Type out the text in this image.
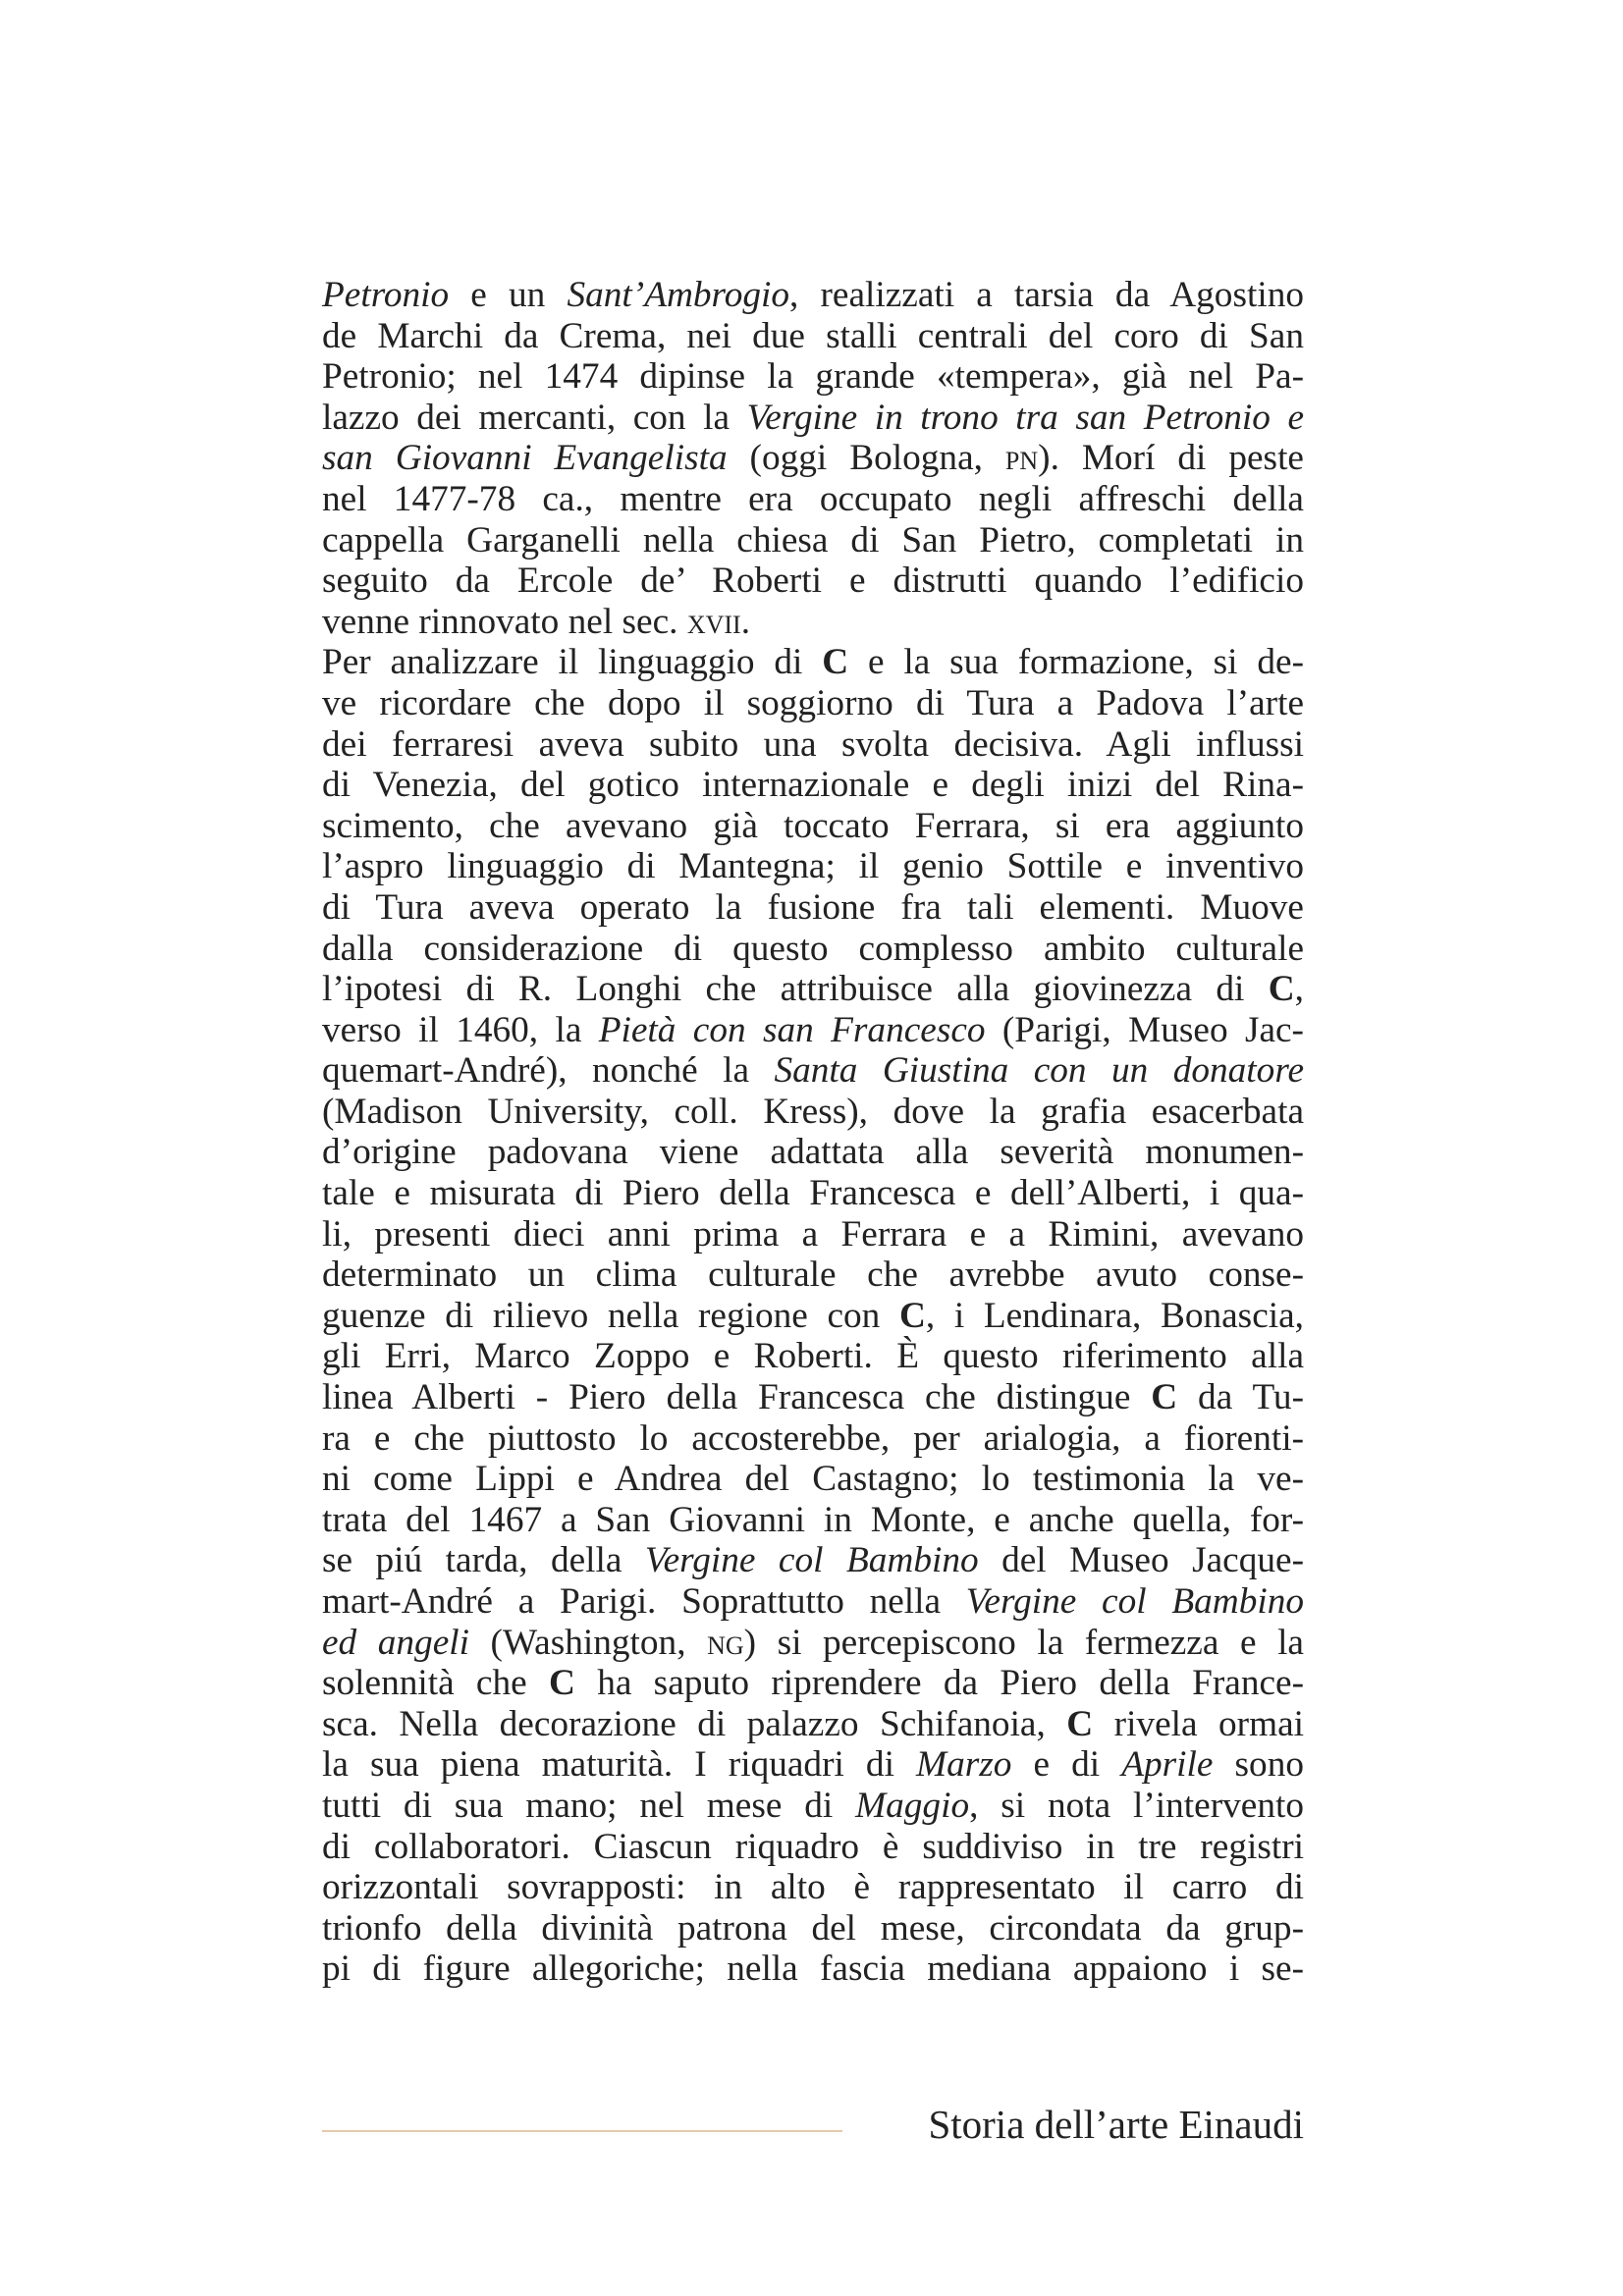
Petronio e un Sant’Ambrogio, realizzati a tarsia da Agostino
de Marchi da Crema, nei due stalli centrali del coro di San
Petronio; nel 1474 dipinse la grande «tempera», già nel Pa-
lazzo dei mercanti, con la Vergine in trono tra san Petronio e
san Giovanni Evangelista (oggi Bologna, pn). Morí di peste
nel 1477-78 ca., mentre era occupato negli affreschi della
cappella Garganelli nella chiesa di San Pietro, completati in
seguito da Ercole de’ Roberti e distrutti quando l’edificio
venne rinnovato nel sec. xvii.
Per analizzare il linguaggio di C e la sua formazione, si de-
ve ricordare che dopo il soggiorno di Tura a Padova l’arte
dei ferraresi aveva subito una svolta decisiva. Agli influssi
di Venezia, del gotico internazionale e degli inizi del Rina-
scimento, che avevano già toccato Ferrara, si era aggiunto
l’aspro linguaggio di Mantegna; il genio Sottile e inventivo
di Tura aveva operato la fusione fra tali elementi. Muove
dalla considerazione di questo complesso ambito culturale
l’ipotesi di R. Longhi che attribuisce alla giovinezza di C,
verso il 1460, la Pietà con san Francesco (Parigi, Museo Jac-
quemart-André), nonché la Santa Giustina con un donatore
(Madison University, coll. Kress), dove la grafia esacerbata
d’origine padovana viene adattata alla severità monumen-
tale e misurata di Piero della Francesca e dell’Alberti, i qua-
li, presenti dieci anni prima a Ferrara e a Rimini, avevano
determinato un clima culturale che avrebbe avuto conse-
guenze di rilievo nella regione con C, i Lendinara, Bonascia,
gli Erri, Marco Zoppo e Roberti. È questo riferimento alla
linea Alberti - Piero della Francesca che distingue C da Tu-
ra e che piuttosto lo accosterebbe, per arialogia, a fiorenti-
ni come Lippi e Andrea del Castagno; lo testimonia la ve-
trata del 1467 a San Giovanni in Monte, e anche quella, for-
se piú tarda, della Vergine col Bambino del Museo Jacque-
mart-André a Parigi. Soprattutto nella Vergine col Bambino
ed angeli (Washington, ng) si percepiscono la fermezza e la
solennità che C ha saputo riprendere da Piero della France-
sca. Nella decorazione di palazzo Schifanoia, C rivela ormai
la sua piena maturità. I riquadri di Marzo e di Aprile sono
tutti di sua mano; nel mese di Maggio, si nota l’intervento
di collaboratori. Ciascun riquadro è suddiviso in tre registri
orizzontali sovrapposti: in alto è rappresentato il carro di
trionfo della divinità patrona del mese, circondata da grup-
pi di figure allegoriche; nella fascia mediana appaiono i se-
Storia dell’arte Einaudi
